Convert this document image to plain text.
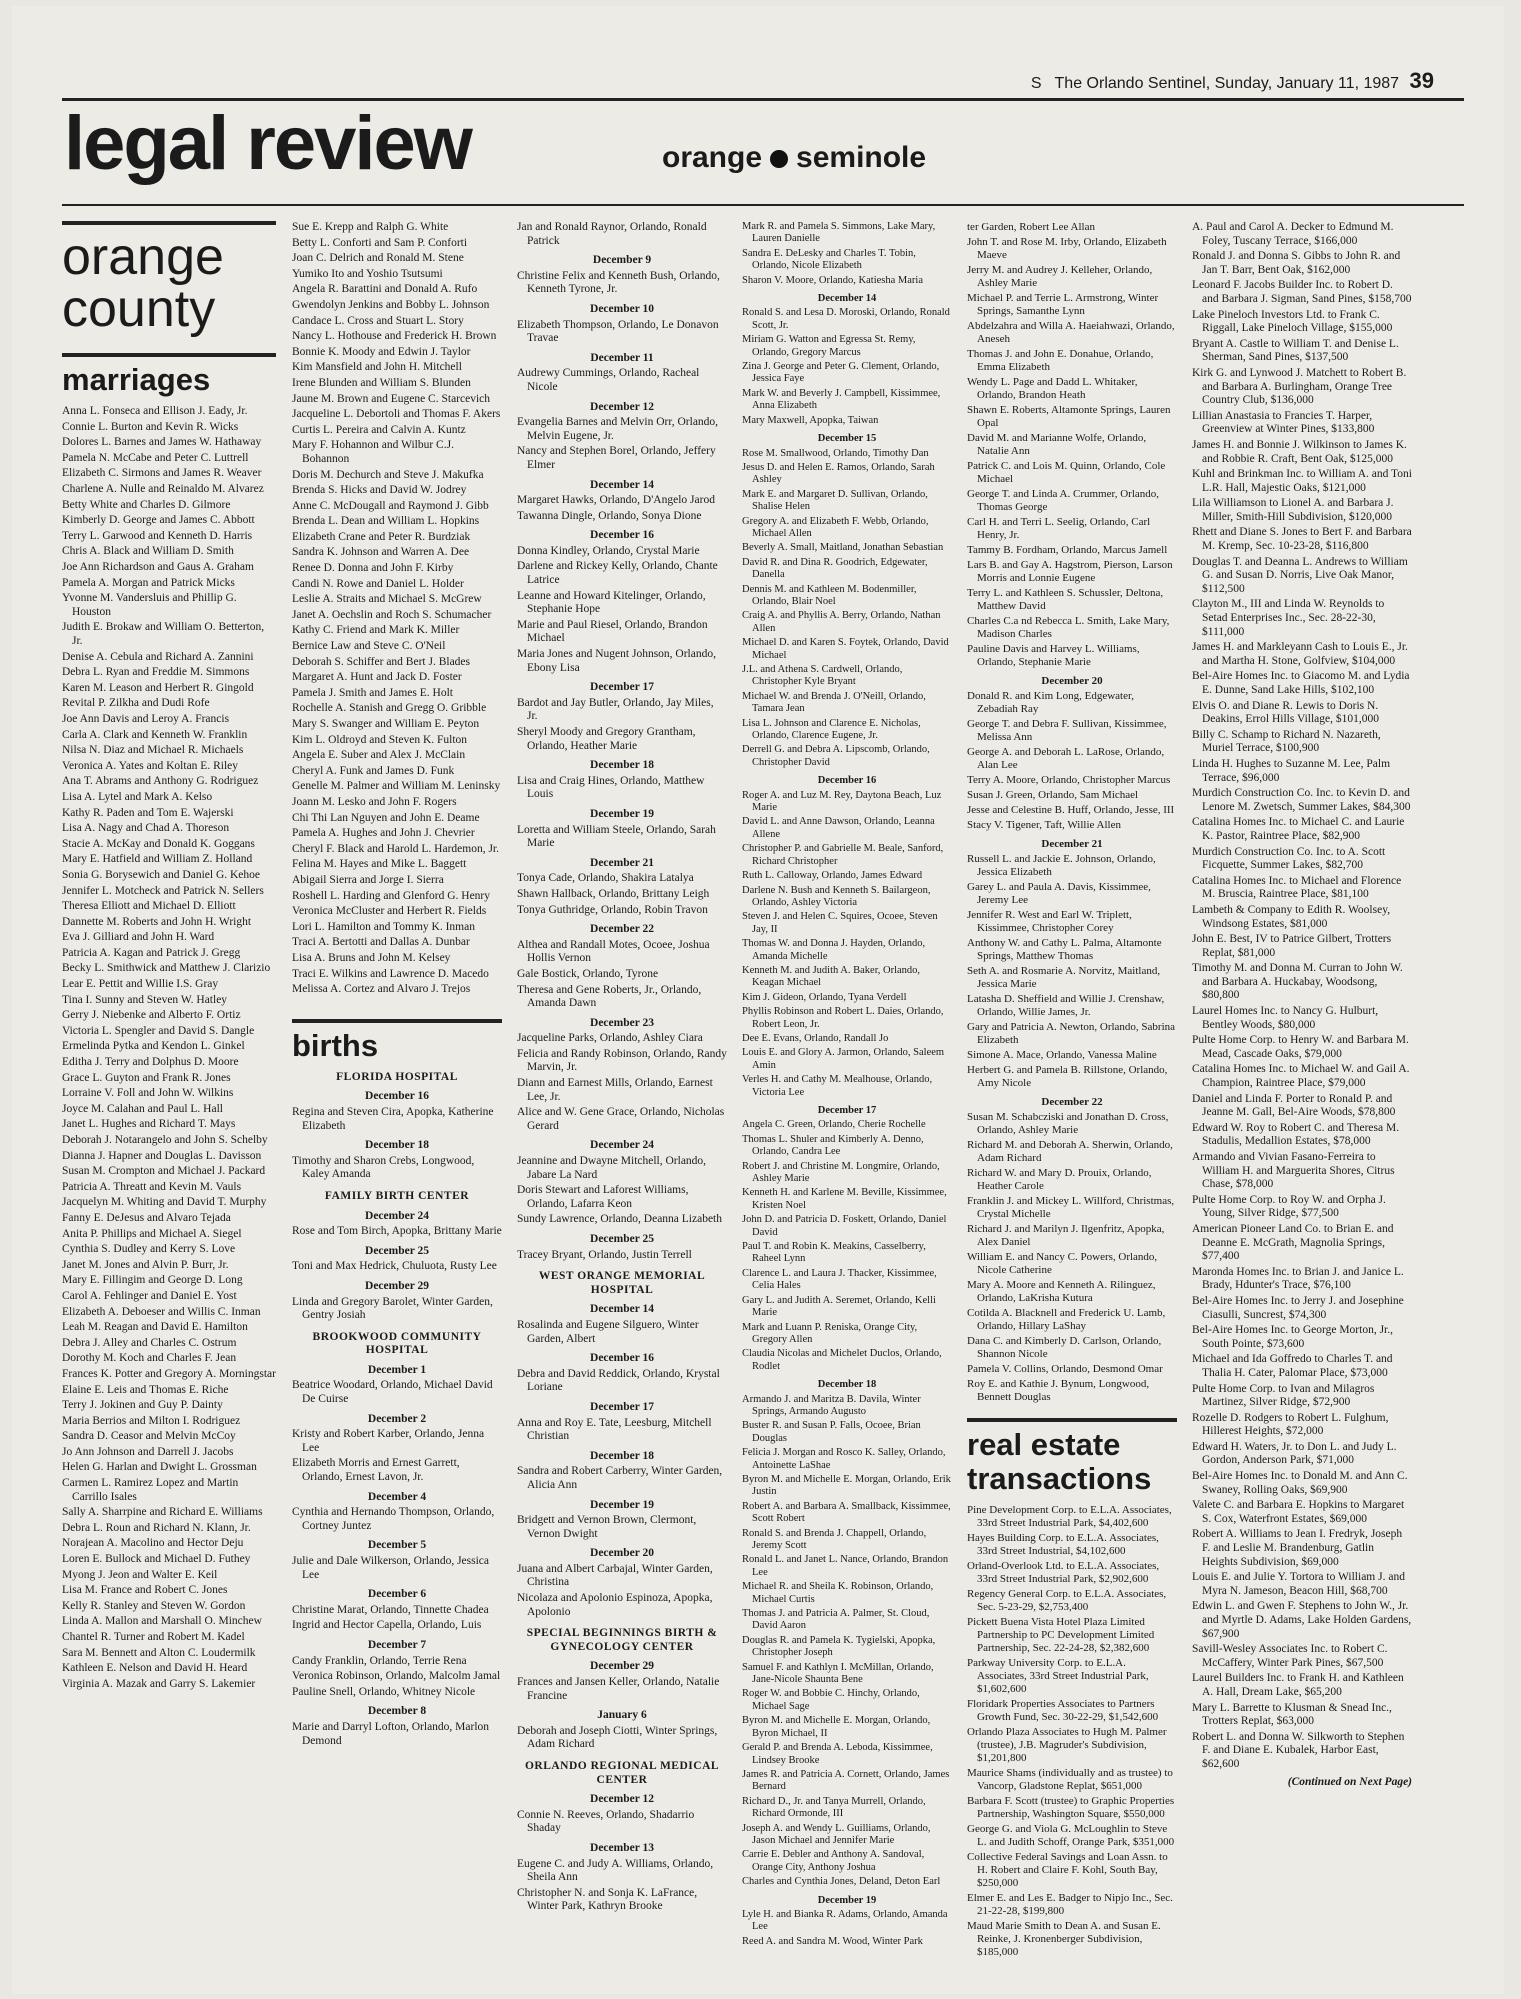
S The Orlando Sentinel, Sunday, January 11, 1987 39
legal review	orange seminole
orange county
marriages

Anna L. Fonseca and Ellison J. Eady, Jr.

Connie L. Burton and Kevin R. Wicks

Dolores L. Barnes and James W. Hathaway

Pamela N. McCabe and Peter C. Luttrell

Elizabeth C. Sirmons and James R. Weaver

Charlene A. Nulle and Reinaldo M. Alvarez

Betty White and Charles D. Gilmore

Kimberly D. George and James C. Abbott

Terry L. Garwood and Kenneth D. Harris

Chris A. Black and William D. Smith

Joe Ann Richardson and Gaus A. Graham

Pamela A. Morgan and Patrick Micks

Yvonne M. Vandersluis and Phillip G. Houston

Judith E. Brokaw and William O. Betterton, Jr.

Denise A. Cebula and Richard A. Zannini

Debra L. Ryan and Freddie M. Simmons

Karen M. Leason and Herbert R. Gingold

Revital P. Zilkha and Dudi Rofe

Joe Ann Davis and Leroy A. Francis

Carla A. Clark and Kenneth W. Franklin

Nilsa N. Diaz and Michael R. Michaels

Veronica A. Yates and Koltan E. Riley

Ana T. Abrams and Anthony G. Rodriguez

Lisa A. Lytel and Mark A. Kelso

Kathy R. Paden and Tom E. Wajerski

Lisa A. Nagy and Chad A. Thoreson

Stacie A. McKay and Donald K. Goggans

Mary E. Hatfield and William Z. Holland

Sonia G. Borysewich and Daniel G. Kehoe

Jennifer L. Motcheck and Patrick N. Sellers

Theresa Elliott and Michael D. Elliott

Dannette M. Roberts and John H. Wright

Eva J. Gilliard and John H. Ward

Patricia A. Kagan and Patrick J. Gregg

Becky L. Smithwick and Matthew J. Clarizio

Lear E. Pettit and Willie I.S. Gray

Tina I. Sunny and Steven W. Hatley

Gerry J. Niebenke and Alberto F. Ortiz

Victoria L. Spengler and David S. Dangle

Ermelinda Pytka and Kendon L. Ginkel

Editha J. Terry and Dolphus D. Moore

Grace L. Guyton and Frank R. Jones

Lorraine V. Foll and John W. Wilkins

Joyce M. Calahan and Paul L. Hall

Janet L. Hughes and Richard T. Mays

Deborah J. Notarangelo and John S. Schelby

Dianna J. Hapner and Douglas L. Davisson

Susan M. Crompton and Michael J. Packard

Patricia A. Threatt and Kevin M. Vauls

Jacquelyn M. Whiting and David T. Murphy

Fanny E. DeJesus and Alvaro Tejada

Anita P. Phillips and Michael A. Siegel

Cynthia S. Dudley and Kerry S. Love

Janet M. Jones and Alvin P. Burr, Jr.

Mary E. Fillingim and George D. Long

Carol A. Fehlinger and Daniel E. Yost

Elizabeth A. Deboeser and Willis C. Inman

Leah M. Reagan and David E. Hamilton

Debra J. Alley and Charles C. Ostrum

Dorothy M. Koch and Charles F. Jean

Frances K. Potter and Gregory A. Morningstar

Elaine E. Leis and Thomas E. Riche

Terry J. Jokinen and Guy P. Dainty

Maria Berrios and Milton I. Rodriguez

Sandra D. Ceasor and Melvin McCoy

Jo Ann Johnson and Darrell J. Jacobs

Helen G. Harlan and Dwight L. Grossman

Carmen L. Ramirez Lopez and Martin Carrillo Isales

Sally A. Sharrpine and Richard E. Williams

Debra L. Roun and Richard N. Klann, Jr.

Norajean A. Macolino and Hector Deju

Loren E. Bullock and Michael D. Futhey

Myong J. Jeon and Walter E. Keil

Lisa M. France and Robert C. Jones

Kelly R. Stanley and Steven W. Gordon

Linda A. Mallon and Marshall O. Minchew

Chantel R. Turner and Robert M. Kadel

Sara M. Bennett and Alton C. Loudermilk

Kathleen E. Nelson and David H. Heard

Virginia A. Mazak and Garry S. Lakemier

Sue E. Krepp and Ralph G. White

Betty L. Conforti and Sam P. Conforti

Joan C. Delrich and Ronald M. Stene

Yumiko Ito and Yoshio Tsutsumi

Angela R. Barattini and Donald A. Rufo

Gwendolyn Jenkins and Bobby L. Johnson

Candace L. Cross and Stuart L. Story

Nancy L. Hothouse and Frederick H. Brown

Bonnie K. Moody and Edwin J. Taylor

Kim Mansfield and John H. Mitchell

Irene Blunden and William S. Blunden

Jaune M. Brown and Eugene C. Starcevich

Jacqueline L. Debortoli and Thomas F. Akers

Curtis L. Pereira and Calvin A. Kuntz

Mary F. Hohannon and Wilbur C.J. Bohannon

Doris M. Dechurch and Steve J. Makufka

Brenda S. Hicks and David W. Jodrey

Anne C. McDougall and Raymond J. Gibb

Brenda L. Dean and William L. Hopkins

Elizabeth Crane and Peter R. Burdziak

Sandra K. Johnson and Warren A. Dee

Renee D. Donna and John F. Kirby

Candi N. Rowe and Daniel L. Holder

Leslie A. Straits and Michael S. McGrew

Janet A. Oechslin and Roch S. Schumacher

Kathy C. Friend and Mark K. Miller

Bernice Law and Steve C. O'Neil

Deborah S. Schiffer and Bert J. Blades

Margaret A. Hunt and Jack D. Foster

Pamela J. Smith and James E. Holt

Rochelle A. Stanish and Gregg O. Gribble

Mary S. Swanger and William E. Peyton

Kim L. Oldroyd and Steven K. Fulton

Angela E. Suber and Alex J. McClain

Cheryl A. Funk and James D. Funk

Genelle M. Palmer and William M. Leninsky

Joann M. Lesko and John F. Rogers

Chi Thi Lan Nguyen and John E. Deame

Pamela A. Hughes and John J. Chevrier

Cheryl F. Black and Harold L. Hardemon, Jr.

Felina M. Hayes and Mike L. Baggett

Abigail Sierra and Jorge I. Sierra

Roshell L. Harding and Glenford G. Henry

Veronica McCluster and Herbert R. Fields

Lori L. Hamilton and Tommy K. Inman

Traci A. Bertotti and Dallas A. Dunbar

Lisa A. Bruns and John M. Kelsey

Traci E. Wilkins and Lawrence D. Macedo

Melissa A. Cortez and Alvaro J. Trejos

births

FLORIDA HOSPITAL

December 16

Regina and Steven Cira, Apopka, Katherine Elizabeth

December 18

Timothy and Sharon Crebs, Longwood, Kaley Amanda

FAMILY BIRTH CENTER

December 24

Rose and Tom Birch, Apopka, Brittany Marie

December 25

Toni and Max Hedrick, Chuluota, Rusty Lee

December 29

Linda and Gregory Barolet, Winter Garden, Gentry Josiah

BROOKWOOD COMMUNITY HOSPITAL

December 1

Beatrice Woodard, Orlando, Michael David De Cuirse

December 2

Kristy and Robert Karber, Orlando, Jenna Lee

Elizabeth Morris and Ernest Garrett, Orlando, Ernest Lavon, Jr.

December 4

Cynthia and Hernando Thompson, Orlando, Cortney Juntez

December 5

Julie and Dale Wilkerson, Orlando, Jessica Lee

December 6

Christine Marat, Orlando, Tinnette Chadea

Ingrid and Hector Capella, Orlando, Luis

December 7

Candy Franklin, Orlando, Terrie Rena

Veronica Robinson, Orlando, Malcolm Jamal

Pauline Snell, Orlando, Whitney Nicole

December 8

Marie and Darryl Lofton, Orlando, Marlon Demond

Jan and Ronald Raynor, Orlando, Ronald Patrick

December 9

Christine Felix and Kenneth Bush, Orlando, Kenneth Tyrone, Jr.

December 10

Elizabeth Thompson, Orlando, Le Donavon Travae

December 11

Audrewy Cummings, Orlando, Racheal Nicole

December 12

Evangelia Barnes and Melvin Orr, Orlando, Melvin Eugene, Jr.

Nancy and Stephen Borel, Orlando, Jeffery Elmer

December 14

Margaret Hawks, Orlando, D'Angelo Jarod

Tawanna Dingle, Orlando, Sonya Dione

December 16

Donna Kindley, Orlando, Crystal Marie

Darlene and Rickey Kelly, Orlando, Chante Latrice

Leanne and Howard Kitelinger, Orlando, Stephanie Hope

Marie and Paul Riesel, Orlando, Brandon Michael

Maria Jones and Nugent Johnson, Orlando, Ebony Lisa

December 17

Bardot and Jay Butler, Orlando, Jay Miles, Jr.

Sheryl Moody and Gregory Grantham, Orlando, Heather Marie

December 18

Lisa and Craig Hines, Orlando, Matthew Louis

December 19

Loretta and William Steele, Orlando, Sarah Marie

December 21

Tonya Cade, Orlando, Shakira Latalya

Shawn Hallback, Orlando, Brittany Leigh

Tonya Guthridge, Orlando, Robin Travon

December 22

Althea and Randall Motes, Ocoee, Joshua Hollis Vernon

Gale Bostick, Orlando, Tyrone

Theresa and Gene Roberts, Jr., Orlando, Amanda Dawn

December 23

Jacqueline Parks, Orlando, Ashley Ciara

Felicia and Randy Robinson, Orlando, Randy Marvin, Jr.

Diann and Earnest Mills, Orlando, Earnest Lee, Jr.

Alice and W. Gene Grace, Orlando, Nicholas Gerard

December 24

Jeannine and Dwayne Mitchell, Orlando, Jabare La Nard

Doris Stewart and Laforest Williams, Orlando, Lafarra Keon

Sundy Lawrence, Orlando, Deanna Lizabeth

December 25

Tracey Bryant, Orlando, Justin Terrell

WEST ORANGE MEMORIAL HOSPITAL

December 14

Rosalinda and Eugene Silguero, Winter Garden, Albert

December 16

Debra and David Reddick, Orlando, Krystal Loriane

December 17

Anna and Roy E. Tate, Leesburg, Mitchell Christian

December 18

Sandra and Robert Carberry, Winter Garden, Alicia Ann

December 19

Bridgett and Vernon Brown, Clermont, Vernon Dwight

December 20

Juana and Albert Carbajal, Winter Garden, Christina

Nicolaza and Apolonio Espinoza, Apopka, Apolonio

SPECIAL BEGINNINGS BIRTH & GYNECOLOGY CENTER

December 29

Frances and Jansen Keller, Orlando, Natalie Francine

January 6

Deborah and Joseph Ciotti, Winter Springs, Adam Richard

ORLANDO REGIONAL MEDICAL CENTER

December 12

Connie N. Reeves, Orlando, Shadarrio Shaday

December 13

Eugene C. and Judy A. Williams, Orlando, Sheila Ann

Christopher N. and Sonja K. LaFrance, Winter Park, Kathryn Brooke

Mark R. and Pamela S. Simmons, Lake Mary, Lauren Danielle

Sandra E. DeLesky and Charles T. Tobin, Orlando, Nicole Elizabeth

Sharon V. Moore, Orlando, Katiesha Maria

December 14

Ronald S. and Lesa D. Moroski, Orlando, Ronald Scott, Jr.

Miriam G. Watton and Egressa St. Remy, Orlando, Gregory Marcus

Zina J. George and Peter G. Clement, Orlando, Jessica Faye

Mark W. and Beverly J. Campbell, Kissimmee, Anna Elizabeth

Mary Maxwell, Apopka, Taiwan

December 15

Rose M. Smallwood, Orlando, Timothy Dan

Jesus D. and Helen E. Ramos, Orlando, Sarah Ashley

Mark E. and Margaret D. Sullivan, Orlando, Shalise Helen

Gregory A. and Elizabeth F. Webb, Orlando, Michael Allen

Beverly A. Small, Maitland, Jonathan Sebastian

David R. and Dina R. Goodrich, Edgewater, Danella

Dennis M. and Kathleen M. Bodenmiller, Orlando, Blair Noel

Craig A. and Phyllis A. Berry, Orlando, Nathan Allen

Michael D. and Karen S. Foytek, Orlando, David Michael

J.L. and Athena S. Cardwell, Orlando, Christopher Kyle Bryant

Michael W. and Brenda J. O'Neill, Orlando, Tamara Jean

Lisa L. Johnson and Clarence E. Nicholas, Orlando, Clarence Eugene, Jr.

Derrell G. and Debra A. Lipscomb, Orlando, Christopher David

December 16

Roger A. and Luz M. Rey, Daytona Beach, Luz Marie

David L. and Anne Dawson, Orlando, Leanna Allene

Christopher P. and Gabrielle M. Beale, Sanford, Richard Christopher

Ruth L. Calloway, Orlando, James Edward

Darlene N. Bush and Kenneth S. Bailargeon, Orlando, Ashley Victoria

Steven J. and Helen C. Squires, Ocoee, Steven Jay, II

Thomas W. and Donna J. Hayden, Orlando, Amanda Michelle

Kenneth M. and Judith A. Baker, Orlando, Keagan Michael

Kim J. Gideon, Orlando, Tyana Verdell

Phyllis Robinson and Robert L. Daies, Orlando, Robert Leon, Jr.

Dee E. Evans, Orlando, Randall Jo

Louis E. and Glory A. Jarmon, Orlando, Saleem Amin

Verles H. and Cathy M. Mealhouse, Orlando, Victoria Lee

December 17

Angela C. Green, Orlando, Cherie Rochelle

Thomas L. Shuler and Kimberly A. Denno, Orlando, Candra Lee

Robert J. and Christine M. Longmire, Orlando, Ashley Marie

Kenneth H. and Karlene M. Beville, Kissimmee, Kristen Noel

John D. and Patricia D. Foskett, Orlando, Daniel David

Paul T. and Robin K. Meakins, Casselberry, Raheel Lynn

Clarence L. and Laura J. Thacker, Kissimmee, Celia Hales

Gary L. and Judith A. Seremet, Orlando, Kelli Marie

Mark and Luann P. Reniska, Orange City, Gregory Allen

Claudia Nicolas and Michelet Duclos, Orlando, Rodlet

December 18

Armando J. and Maritza B. Davila, Winter Springs, Armando Augusto

Buster R. and Susan P. Falls, Ocoee, Brian Douglas

Felicia J. Morgan and Rosco K. Salley, Orlando, Antoinette LaShae

Byron M. and Michelle E. Morgan, Orlando, Erik Justin

Robert A. and Barbara A. Smallback, Kissimmee, Scott Robert

Ronald S. and Brenda J. Chappell, Orlando, Jeremy Scott

Ronald L. and Janet L. Nance, Orlando, Brandon Lee

Michael R. and Sheila K. Robinson, Orlando, Michael Curtis

Thomas J. and Patricia A. Palmer, St. Cloud, David Aaron

Douglas R. and Pamela K. Tygielski, Apopka, Christopher Joseph

Samuel F. and Kathlyn I. McMillan, Orlando, Jane-Nicole Shaunta Bene

Roger W. and Bobbie C. Hinchy, Orlando, Michael Sage

Byron M. and Michelle E. Morgan, Orlando, Byron Michael, II

Gerald P. and Brenda A. Leboda, Kissimmee, Lindsey Brooke

James R. and Patricia A. Cornett, Orlando, James Bernard

Richard D., Jr. and Tanya Murrell, Orlando, Richard Ormonde, III

Joseph A. and Wendy L. Guilliams, Orlando, Jason Michael and Jennifer Marie

Carrie E. Debler and Anthony A. Sandoval, Orange City, Anthony Joshua

Charles and Cynthia Jones, Deland, Deton Earl

December 19

Lyle H. and Bianka R. Adams, Orlando, Amanda Lee

Reed A. and Sandra M. Wood, Winter Park

ter Garden, Robert Lee Allan

John T. and Rose M. Irby, Orlando, Elizabeth Maeve

Jerry M. and Audrey J. Kelleher, Orlando, Ashley Marie

Michael P. and Terrie L. Armstrong, Winter Springs, Samanthe Lynn

Abdelzahra and Willa A. Haeiahwazi, Orlando, Aneseh

Thomas J. and John E. Donahue, Orlando, Emma Elizabeth

Wendy L. Page and Dadd L. Whitaker, Orlando, Brandon Heath

Shawn E. Roberts, Altamonte Springs, Lauren Opal

David M. and Marianne Wolfe, Orlando, Natalie Ann

Patrick C. and Lois M. Quinn, Orlando, Cole Michael

George T. and Linda A. Crummer, Orlando, Thomas George

Carl H. and Terri L. Seelig, Orlando, Carl Henry, Jr.

Tammy B. Fordham, Orlando, Marcus Jamell

Lars B. and Gay A. Hagstrom, Pierson, Larson Morris and Lonnie Eugene

Terry L. and Kathleen S. Schussler, Deltona, Matthew David

Charles C.a nd Rebecca L. Smith, Lake Mary, Madison Charles

Pauline Davis and Harvey L. Williams, Orlando, Stephanie Marie

December 20

Donald R. and Kim Long, Edgewater, Zebadiah Ray

George T. and Debra F. Sullivan, Kissimmee, Melissa Ann

George A. and Deborah L. LaRose, Orlando, Alan Lee

Terry A. Moore, Orlando, Christopher Marcus

Susan J. Green, Orlando, Sam Michael

Jesse and Celestine B. Huff, Orlando, Jesse, III

Stacy V. Tigener, Taft, Willie Allen

December 21

Russell L. and Jackie E. Johnson, Orlando, Jessica Elizabeth

Garey L. and Paula A. Davis, Kissimmee, Jeremy Lee

Jennifer R. West and Earl W. Triplett, Kissimmee, Christopher Corey

Anthony W. and Cathy L. Palma, Altamonte Springs, Matthew Thomas

Seth A. and Rosmarie A. Norvitz, Maitland, Jessica Marie

Latasha D. Sheffield and Willie J. Crenshaw, Orlando, Willie James, Jr.

Gary and Patricia A. Newton, Orlando, Sabrina Elizabeth

Simone A. Mace, Orlando, Vanessa Maline

Herbert G. and Pamela B. Rillstone, Orlando, Amy Nicole

December 22

Susan M. Schabcziski and Jonathan D. Cross, Orlando, Ashley Marie

Richard M. and Deborah A. Sherwin, Orlando, Adam Richard

Richard W. and Mary D. Prouix, Orlando, Heather Carole

Franklin J. and Mickey L. Willford, Christmas, Crystal Michelle

Richard J. and Marilyn J. Ilgenfritz, Apopka, Alex Daniel

William E. and Nancy C. Powers, Orlando, Nicole Catherine

Mary A. Moore and Kenneth A. Rilinguez, Orlando, LaKrisha Kutura

Cotilda A. Blacknell and Frederick U. Lamb, Orlando, Hillary LaShay

Dana C. and Kimberly D. Carlson, Orlando, Shannon Nicole

Pamela V. Collins, Orlando, Desmond Omar

Roy E. and Kathie J. Bynum, Longwood, Bennett Douglas

real estate transactions

Pine Development Corp. to E.L.A. Associates, 33rd Street Industrial Park, $4,402,600

Hayes Building Corp. to E.L.A. Associates, 33rd Street Industrial, $4,102,600

Orland-Overlook Ltd. to E.L.A. Associates, 33rd Street Industrial Park, $2,902,600

Regency General Corp. to E.L.A. Associates, Sec. 5-23-29, $2,753,400

Pickett Buena Vista Hotel Plaza Limited Partnership to PC Development Limited Partnership, Sec. 22-24-28, $2,382,600

Parkway University Corp. to E.L.A. Associates, 33rd Street Industrial Park, $1,602,600

Floridark Properties Associates to Partners Growth Fund, Sec. 30-22-29, $1,542,600

Orlando Plaza Associates to Hugh M. Palmer (trustee), J.B. Magruder's Subdivision, $1,201,800

Maurice Shams (individually and as trustee) to Vancorp, Gladstone Replat, $651,000

Barbara F. Scott (trustee) to Graphic Properties Partnership, Washington Square, $550,000

George G. and Viola G. McLoughlin to Steve L. and Judith Schoff, Orange Park, $351,000

Collective Federal Savings and Loan Assn. to H. Robert and Claire F. Kohl, South Bay, $250,000

Elmer E. and Les E. Badger to Nipjo Inc., Sec. 21-22-28, $199,800

Maud Marie Smith to Dean A. and Susan E. Reinke, J. Kronenberger Subdivision, $185,000

A. Paul and Carol A. Decker to Edmund M. Foley, Tuscany Terrace, $166,000

Ronald J. and Donna S. Gibbs to John R. and Jan T. Barr, Bent Oak, $162,000

Leonard F. Jacobs Builder Inc. to Robert D. and Barbara J. Sigman, Sand Pines, $158,700

Lake Pineloch Investors Ltd. to Frank C. Riggall, Lake Pineloch Village, $155,000

Bryant A. Castle to William T. and Denise L. Sherman, Sand Pines, $137,500

Kirk G. and Lynwood J. Matchett to Robert B. and Barbara A. Burlingham, Orange Tree Country Club, $136,000

Lillian Anastasia to Francies T. Harper, Greenview at Winter Pines, $133,800

James H. and Bonnie J. Wilkinson to James K. and Robbie R. Craft, Bent Oak, $125,000

Kuhl and Brinkman Inc. to William A. and Toni L.R. Hall, Majestic Oaks, $121,000

Lila Williamson to Lionel A. and Barbara J. Miller, Smith-Hill Subdivision, $120,000

Rhett and Diane S. Jones to Bert F. and Barbara M. Kremp, Sec. 10-23-28, $116,800

Douglas T. and Deanna L. Andrews to William G. and Susan D. Norris, Live Oak Manor, $112,500

Clayton M., III and Linda W. Reynolds to Setad Enterprises Inc., Sec. 28-22-30, $111,000

James H. and Markleyann Cash to Louis E., Jr. and Martha H. Stone, Golfview, $104,000

Bel-Aire Homes Inc. to Giacomo M. and Lydia E. Dunne, Sand Lake Hills, $102,100

Elvis O. and Diane R. Lewis to Doris N. Deakins, Errol Hills Village, $101,000

Billy C. Schamp to Richard N. Nazareth, Muriel Terrace, $100,900

Linda H. Hughes to Suzanne M. Lee, Palm Terrace, $96,000

Murdich Construction Co. Inc. to Kevin D. and Lenore M. Zwetsch, Summer Lakes, $84,300

Catalina Homes Inc. to Michael C. and Laurie K. Pastor, Raintree Place, $82,900

Murdich Construction Co. Inc. to A. Scott Ficquette, Summer Lakes, $82,700

Catalina Homes Inc. to Michael and Florence M. Bruscia, Raintree Place, $81,100

Lambeth & Company to Edith R. Woolsey, Windsong Estates, $81,000

John E. Best, IV to Patrice Gilbert, Trotters Replat, $81,000

Timothy M. and Donna M. Curran to John W. and Barbara A. Huckabay, Woodsong, $80,800

Laurel Homes Inc. to Nancy G. Hulburt, Bentley Woods, $80,000

Pulte Home Corp. to Henry W. and Barbara M. Mead, Cascade Oaks, $79,000

Catalina Homes Inc. to Michael W. and Gail A. Champion, Raintree Place, $79,000

Daniel and Linda F. Porter to Ronald P. and Jeanne M. Gall, Bel-Aire Woods, $78,800

Edward W. Roy to Robert C. and Theresa M. Stadulis, Medallion Estates, $78,000

Armando and Vivian Fasano-Ferreira to William H. and Marguerita Shores, Citrus Chase, $78,000

Pulte Home Corp. to Roy W. and Orpha J. Young, Silver Ridge, $77,500

American Pioneer Land Co. to Brian E. and Deanne E. McGrath, Magnolia Springs, $77,400

Maronda Homes Inc. to Brian J. and Janice L. Brady, Hdunter's Trace, $76,100

Bel-Aire Homes Inc. to Jerry J. and Josephine Ciasulli, Suncrest, $74,300

Bel-Aire Homes Inc. to George Morton, Jr., South Pointe, $73,600

Michael and Ida Goffredo to Charles T. and Thalia H. Cater, Palomar Place, $73,000

Pulte Home Corp. to Ivan and Milagros Martinez, Silver Ridge, $72,900

Rozelle D. Rodgers to Robert L. Fulghum, Hillerest Heights, $72,000

Edward H. Waters, Jr. to Don L. and Judy L. Gordon, Anderson Park, $71,000

Bel-Aire Homes Inc. to Donald M. and Ann C. Swaney, Rolling Oaks, $69,900

Valete C. and Barbara E. Hopkins to Margaret S. Cox, Waterfront Estates, $69,000

Robert A. Williams to Jean I. Fredryk, Joseph F. and Leslie M. Brandenburg, Gatlin Heights Subdivision, $69,000

Louis E. and Julie Y. Tortora to William J. and Myra N. Jameson, Beacon Hill, $68,700

Edwin L. and Gwen F. Stephens to John W., Jr. and Myrtle D. Adams, Lake Holden Gardens, $67,900

Savill-Wesley Associates Inc. to Robert C. McCaffery, Winter Park Pines, $67,500

Laurel Builders Inc. to Frank H. and Kathleen A. Hall, Dream Lake, $65,200

Mary L. Barrette to Klusman & Snead Inc., Trotters Replat, $63,000

Robert L. and Donna W. Silkworth to Stephen F. and Diane E. Kubalek, Harbor East, $62,600

(Continued on Next Page)
